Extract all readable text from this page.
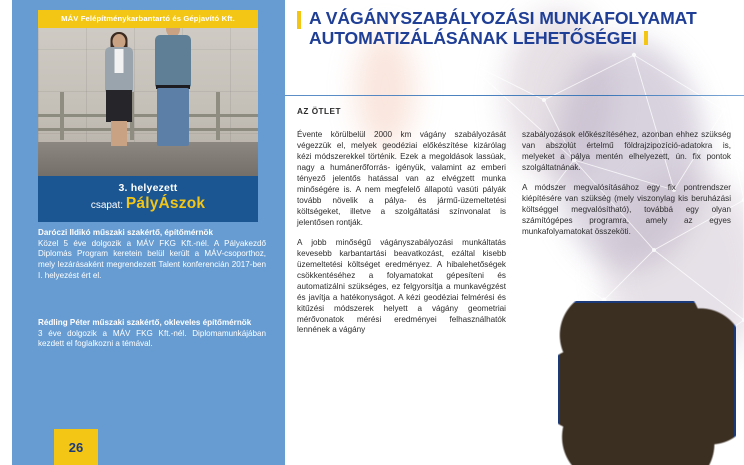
MÁV Felépítménykarbantartó és Gépjavító Kft.
3. helyezett
csapat: PályÁszok
Daróczi Ildikó műszaki szakértő, építőmérnök

Közel 5 éve dolgozik a MÁV FKG Kft.-nél. A Pályakezdő Diplomás Program keretein belül került a MÁV-csoporthoz, mely lezárásaként megrendezett Talent konferencián 2017-ben I. helyezést ért el.

Rédling Péter műszaki szakértő, okleveles építőmérnök

3 éve dolgozik a MÁV FKG Kft.-nél. Diplomamunkájában kezdett el foglalkozni a témával.

26
A VÁGÁNYSZABÁLYOZÁSI MUNKAFOLYAMAT AUTOMATIZÁLÁSÁNAK LEHETŐSÉGEI
AZ ÖTLET

Évente körülbelül 2000 km vágány szabályozását végezzük el, melyek geodéziai előkészítése kizárólag kézi módszerekkel történik. Ezek a megoldások lassúak, nagy a humánerőforrás- igényük, valamint az emberi tényező jelentős hatással van az elvégzett munka minőségére is. A nem megfelelő állapotú vasúti pályák tovább növelik a pálya- és jármű-üzemeltetési költségeket, illetve a szolgáltatási színvonalat is jelentősen rontják.

A jobb minőségű vágányszabályozási munkáltatás kevesebb karbantartási beavatkozást, ezáltal kisebb üzemeltetési költséget eredményez. A hibalehetőségek csökkentéséhez a folyamatokat gépesíteni és automatizálni szükséges, ez felgyorsítja a munkavégzést és javítja a hatékonyságot. A kézi geodéziai felmérési és kitűzési módszerek helyett a vágány geometriai mérővonatok mérési eredményei felhasználhatók lennének a vágány

szabályozások előkészítéséhez, azonban ehhez szükség van abszolút értelmű földrajzipozíció-adatokra is, melyeket a pálya mentén elhelyezett, ún. fix pontok szolgáltatnának.

A módszer megvalósításához egy fix pontrendszer kiépítésére van szükség (mely viszonylag kis beruházási költséggel megvalósítható), továbbá egy olyan számítógépes programra, amely az egyes munkafolyamatokat összeköti.
